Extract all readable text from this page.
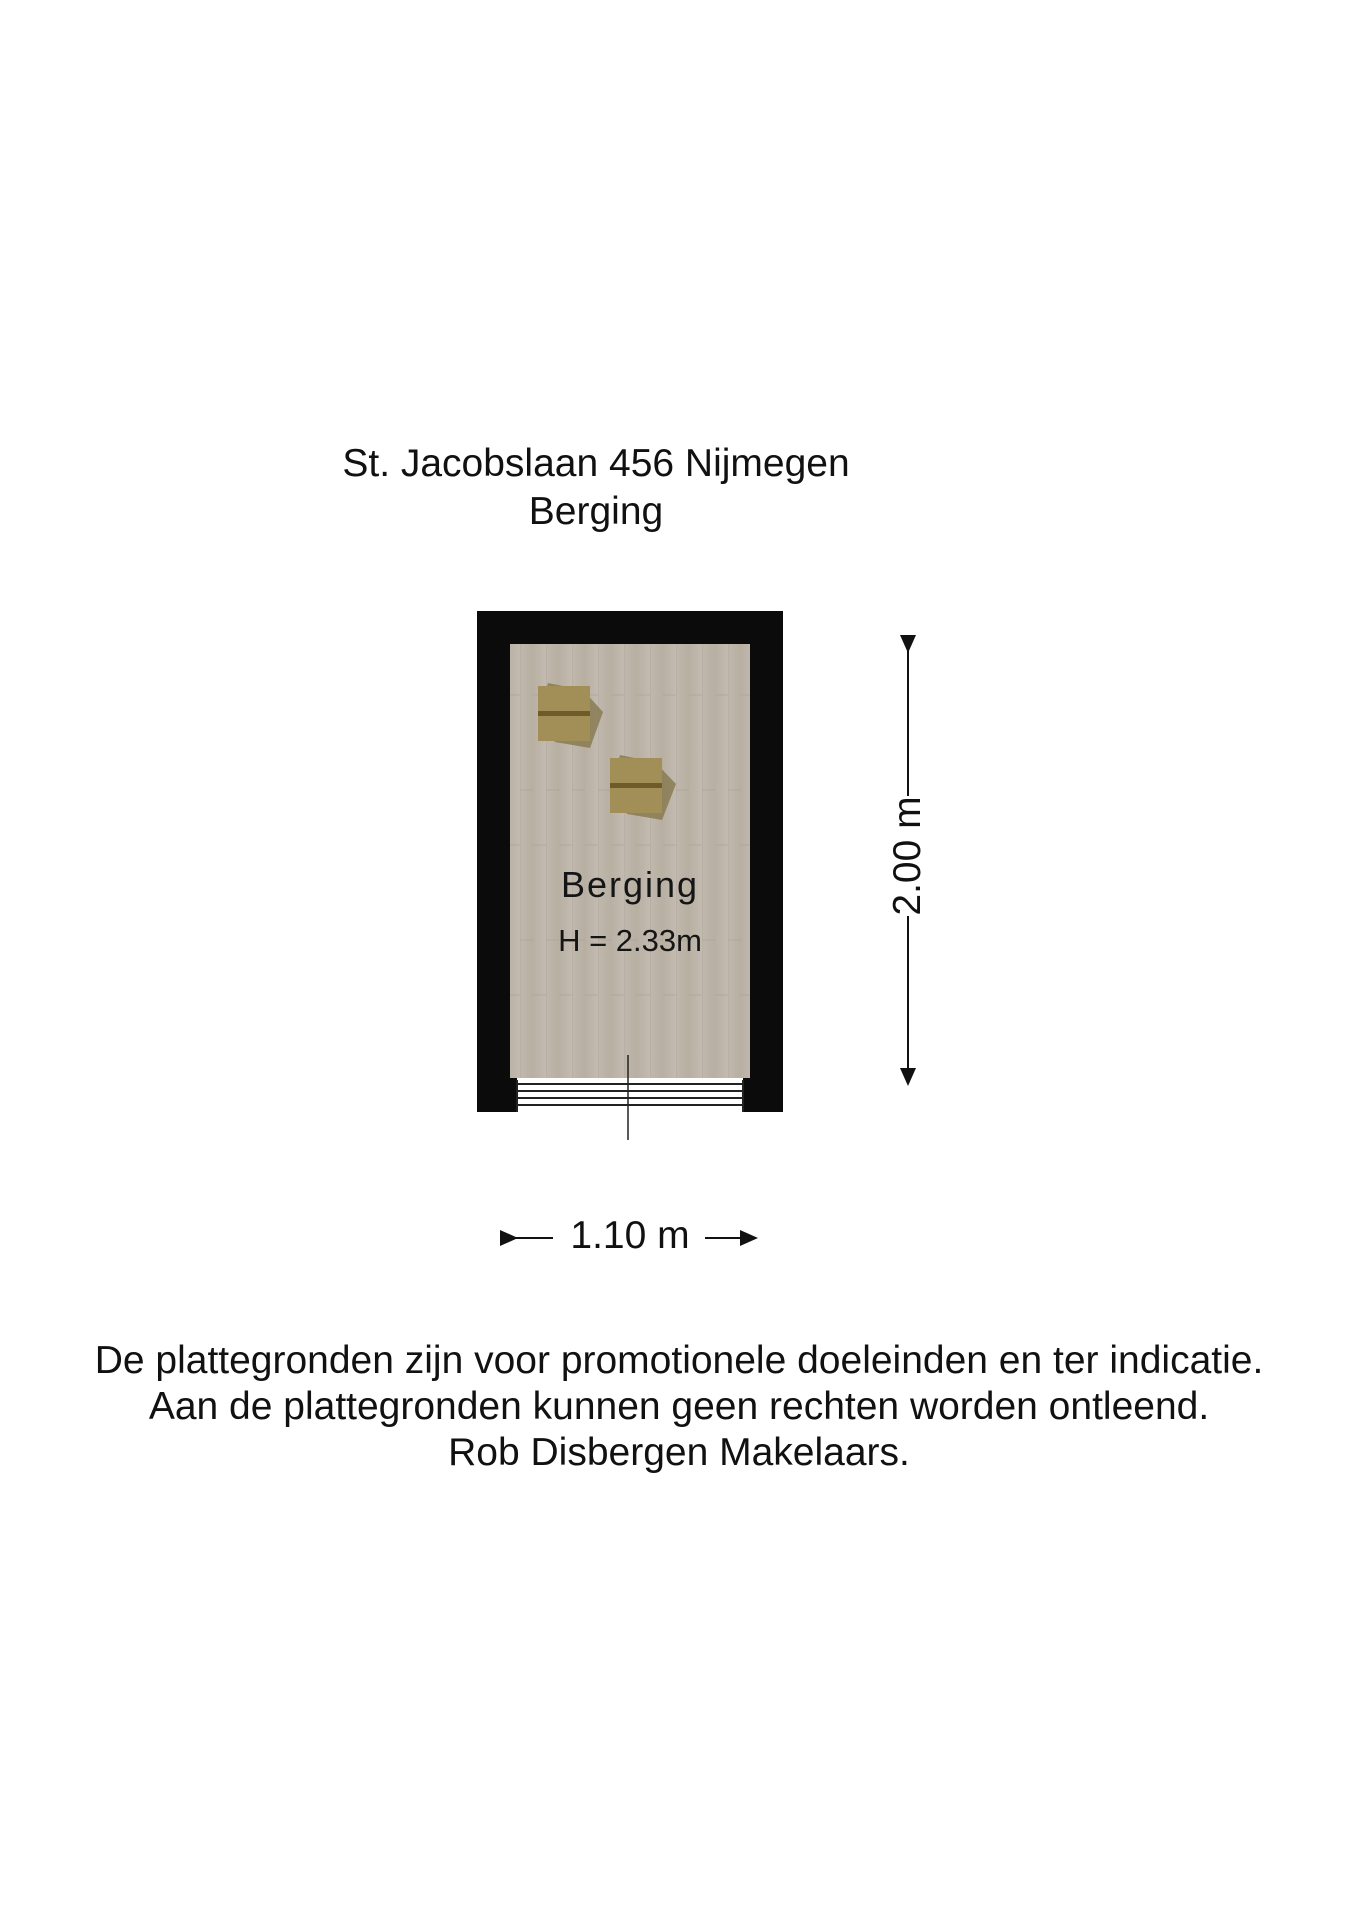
St. Jacobslaan 456 Nijmegen
Berging
Berging
H = 2.33m
1.10 m
2.00 m
De plattegronden zijn voor promotionele doeleinden en ter indicatie.
Aan de plattegronden kunnen geen rechten worden ontleend.
Rob Disbergen Makelaars.
